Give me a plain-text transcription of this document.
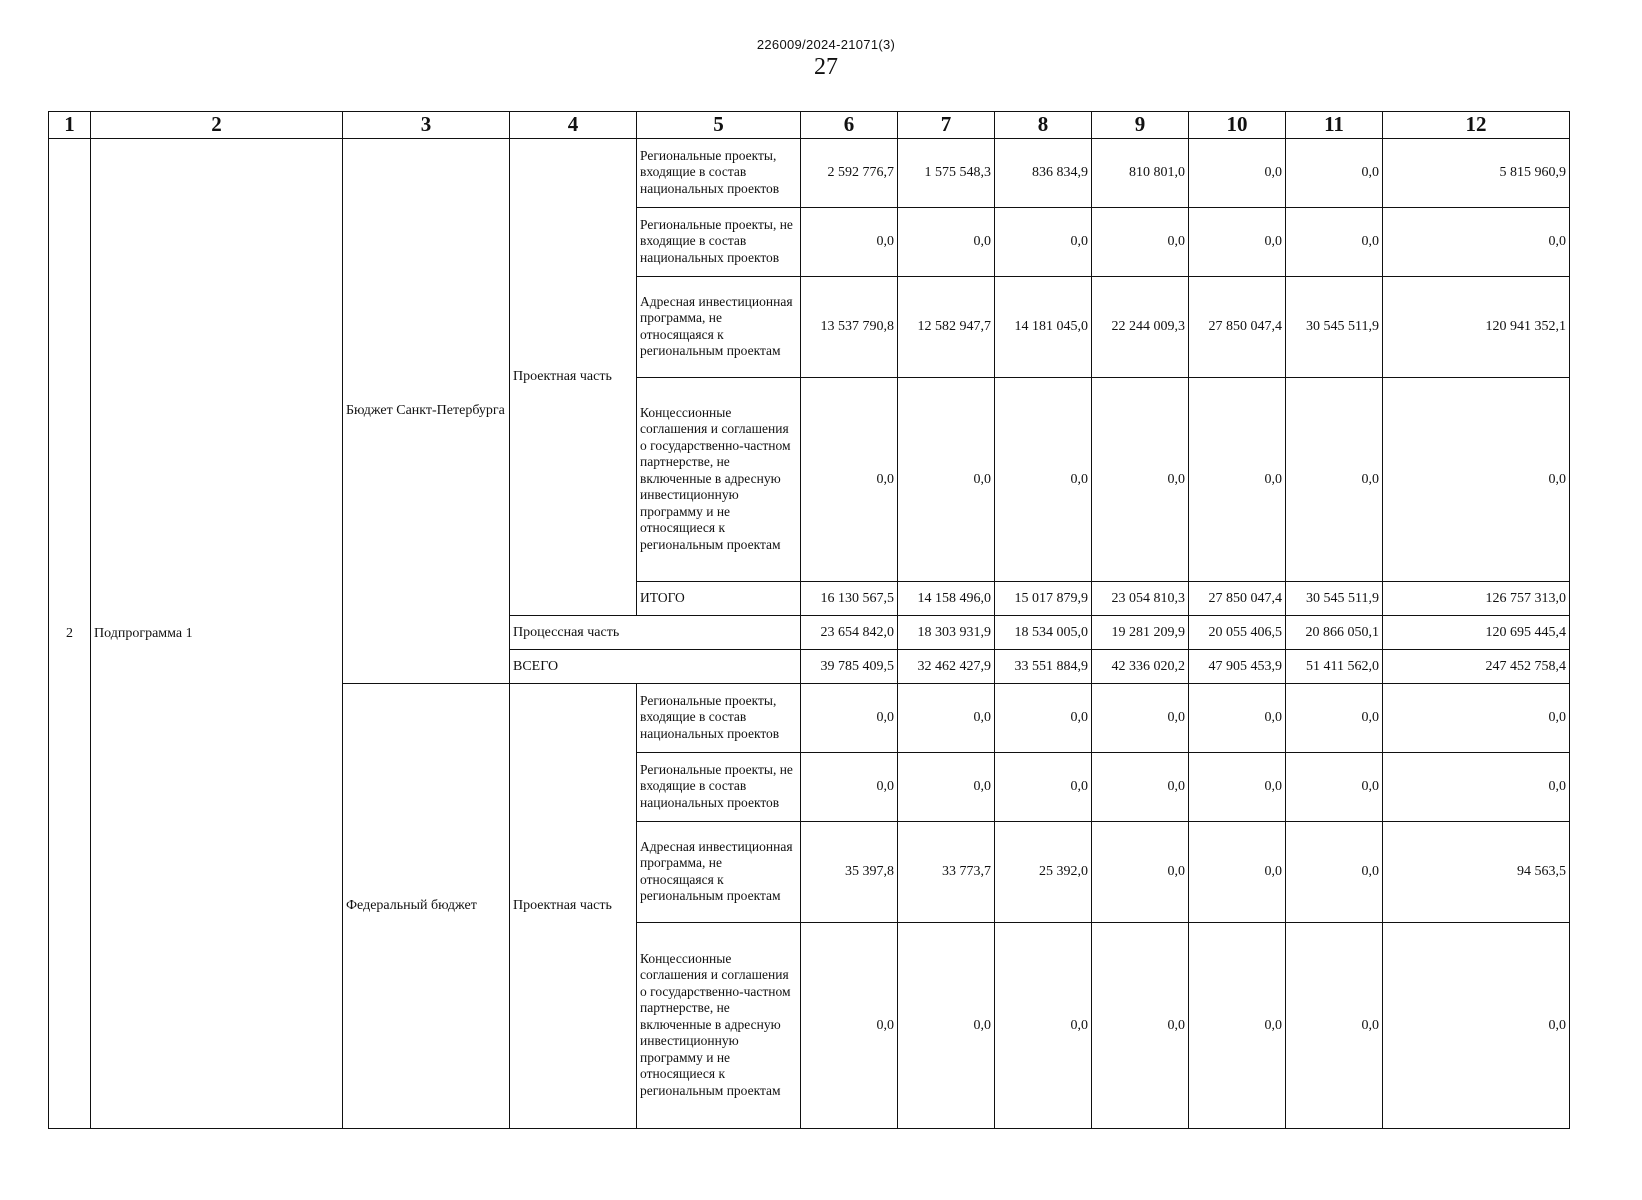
226009/2024-21071(3)
27
1	2	3	4	5	6	7	8	9	10	11	12
2	Подпрограмма 1	Бюджет Санкт-Петербурга	Проектная часть	Региональные проекты, входящие в состав национальных проектов	2 592 776,7	1 575 548,3	836 834,9	810 801,0	0,0	0,0	5 815 960,9
				Региональные проекты, не входящие в состав национальных проектов	0,0	0,0	0,0	0,0	0,0	0,0	0,0
				Адресная инвестиционная программа, не относящаяся к региональным проектам	13 537 790,8	12 582 947,7	14 181 045,0	22 244 009,3	27 850 047,4	30 545 511,9	120 941 352,1
				Концессионные соглашения и соглашения о государственно-частном партнерстве, не включенные в адресную инвестиционную программу и не относящиеся к региональным проектам	0,0	0,0	0,0	0,0	0,0	0,0	0,0
				ИТОГО	16 130 567,5	14 158 496,0	15 017 879,9	23 054 810,3	27 850 047,4	30 545 511,9	126 757 313,0
			Процессная часть		23 654 842,0	18 303 931,9	18 534 005,0	19 281 209,9	20 055 406,5	20 866 050,1	120 695 445,4
			ВСЕГО		39 785 409,5	32 462 427,9	33 551 884,9	42 336 020,2	47 905 453,9	51 411 562,0	247 452 758,4
		Федеральный бюджет	Проектная часть	Региональные проекты, входящие в состав национальных проектов	0,0	0,0	0,0	0,0	0,0	0,0	0,0
				Региональные проекты, не входящие в состав национальных проектов	0,0	0,0	0,0	0,0	0,0	0,0	0,0
				Адресная инвестиционная программа, не относящаяся к региональным проектам	35 397,8	33 773,7	25 392,0	0,0	0,0	0,0	94 563,5
				Концессионные соглашения и соглашения о государственно-частном партнерстве, не включенные в адресную инвестиционную программу и не относящиеся к региональным проектам	0,0	0,0	0,0	0,0	0,0	0,0	0,0
